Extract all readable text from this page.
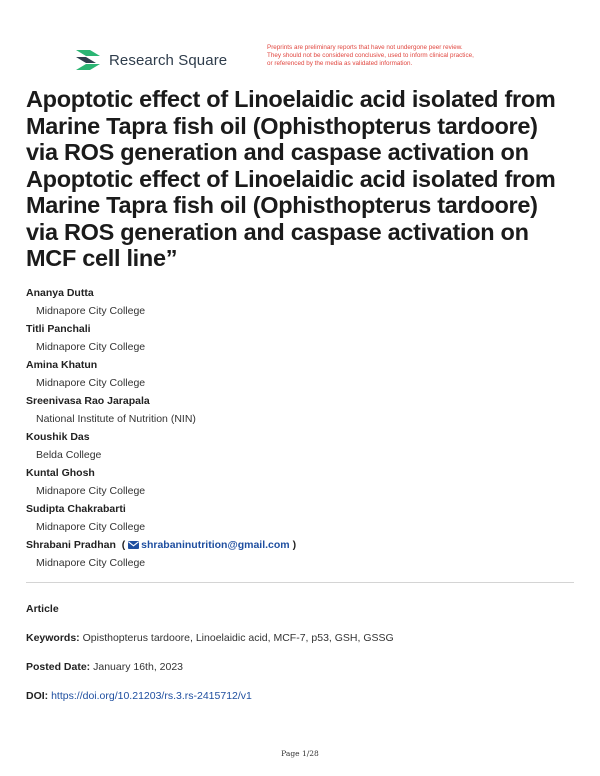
Research Square
Preprints are preliminary reports that have not undergone peer review.
They should not be considered conclusive, used to inform clinical practice,
or referenced by the media as validated information.
Apoptotic effect of Linoelaidic acid isolated from Marine Tapra fish oil (Ophisthopterus tardoore) via ROS generation and caspase activation on Apoptotic effect of Linoelaidic acid isolated from Marine Tapra fish oil (Ophisthopterus tardoore) via ROS generation and caspase activation on MCF cell line”
Ananya Dutta
Midnapore City College
Titli Panchali
Midnapore City College
Amina Khatun
Midnapore City College
Sreenivasa Rao Jarapala
National Institute of Nutrition (NIN)
Koushik Das
Belda College
Kuntal Ghosh
Midnapore City College
Sudipta Chakrabarti
Midnapore City College
Shrabani Pradhan  ( shrabaninutrition@gmail.com )
Midnapore City College
Article
Keywords: Opisthopterus tardoore, Linoelaidic acid, MCF-7, p53, GSH, GSSG
Posted Date: January 16th, 2023
DOI: https://doi.org/10.21203/rs.3.rs-2415712/v1
Page 1/28
